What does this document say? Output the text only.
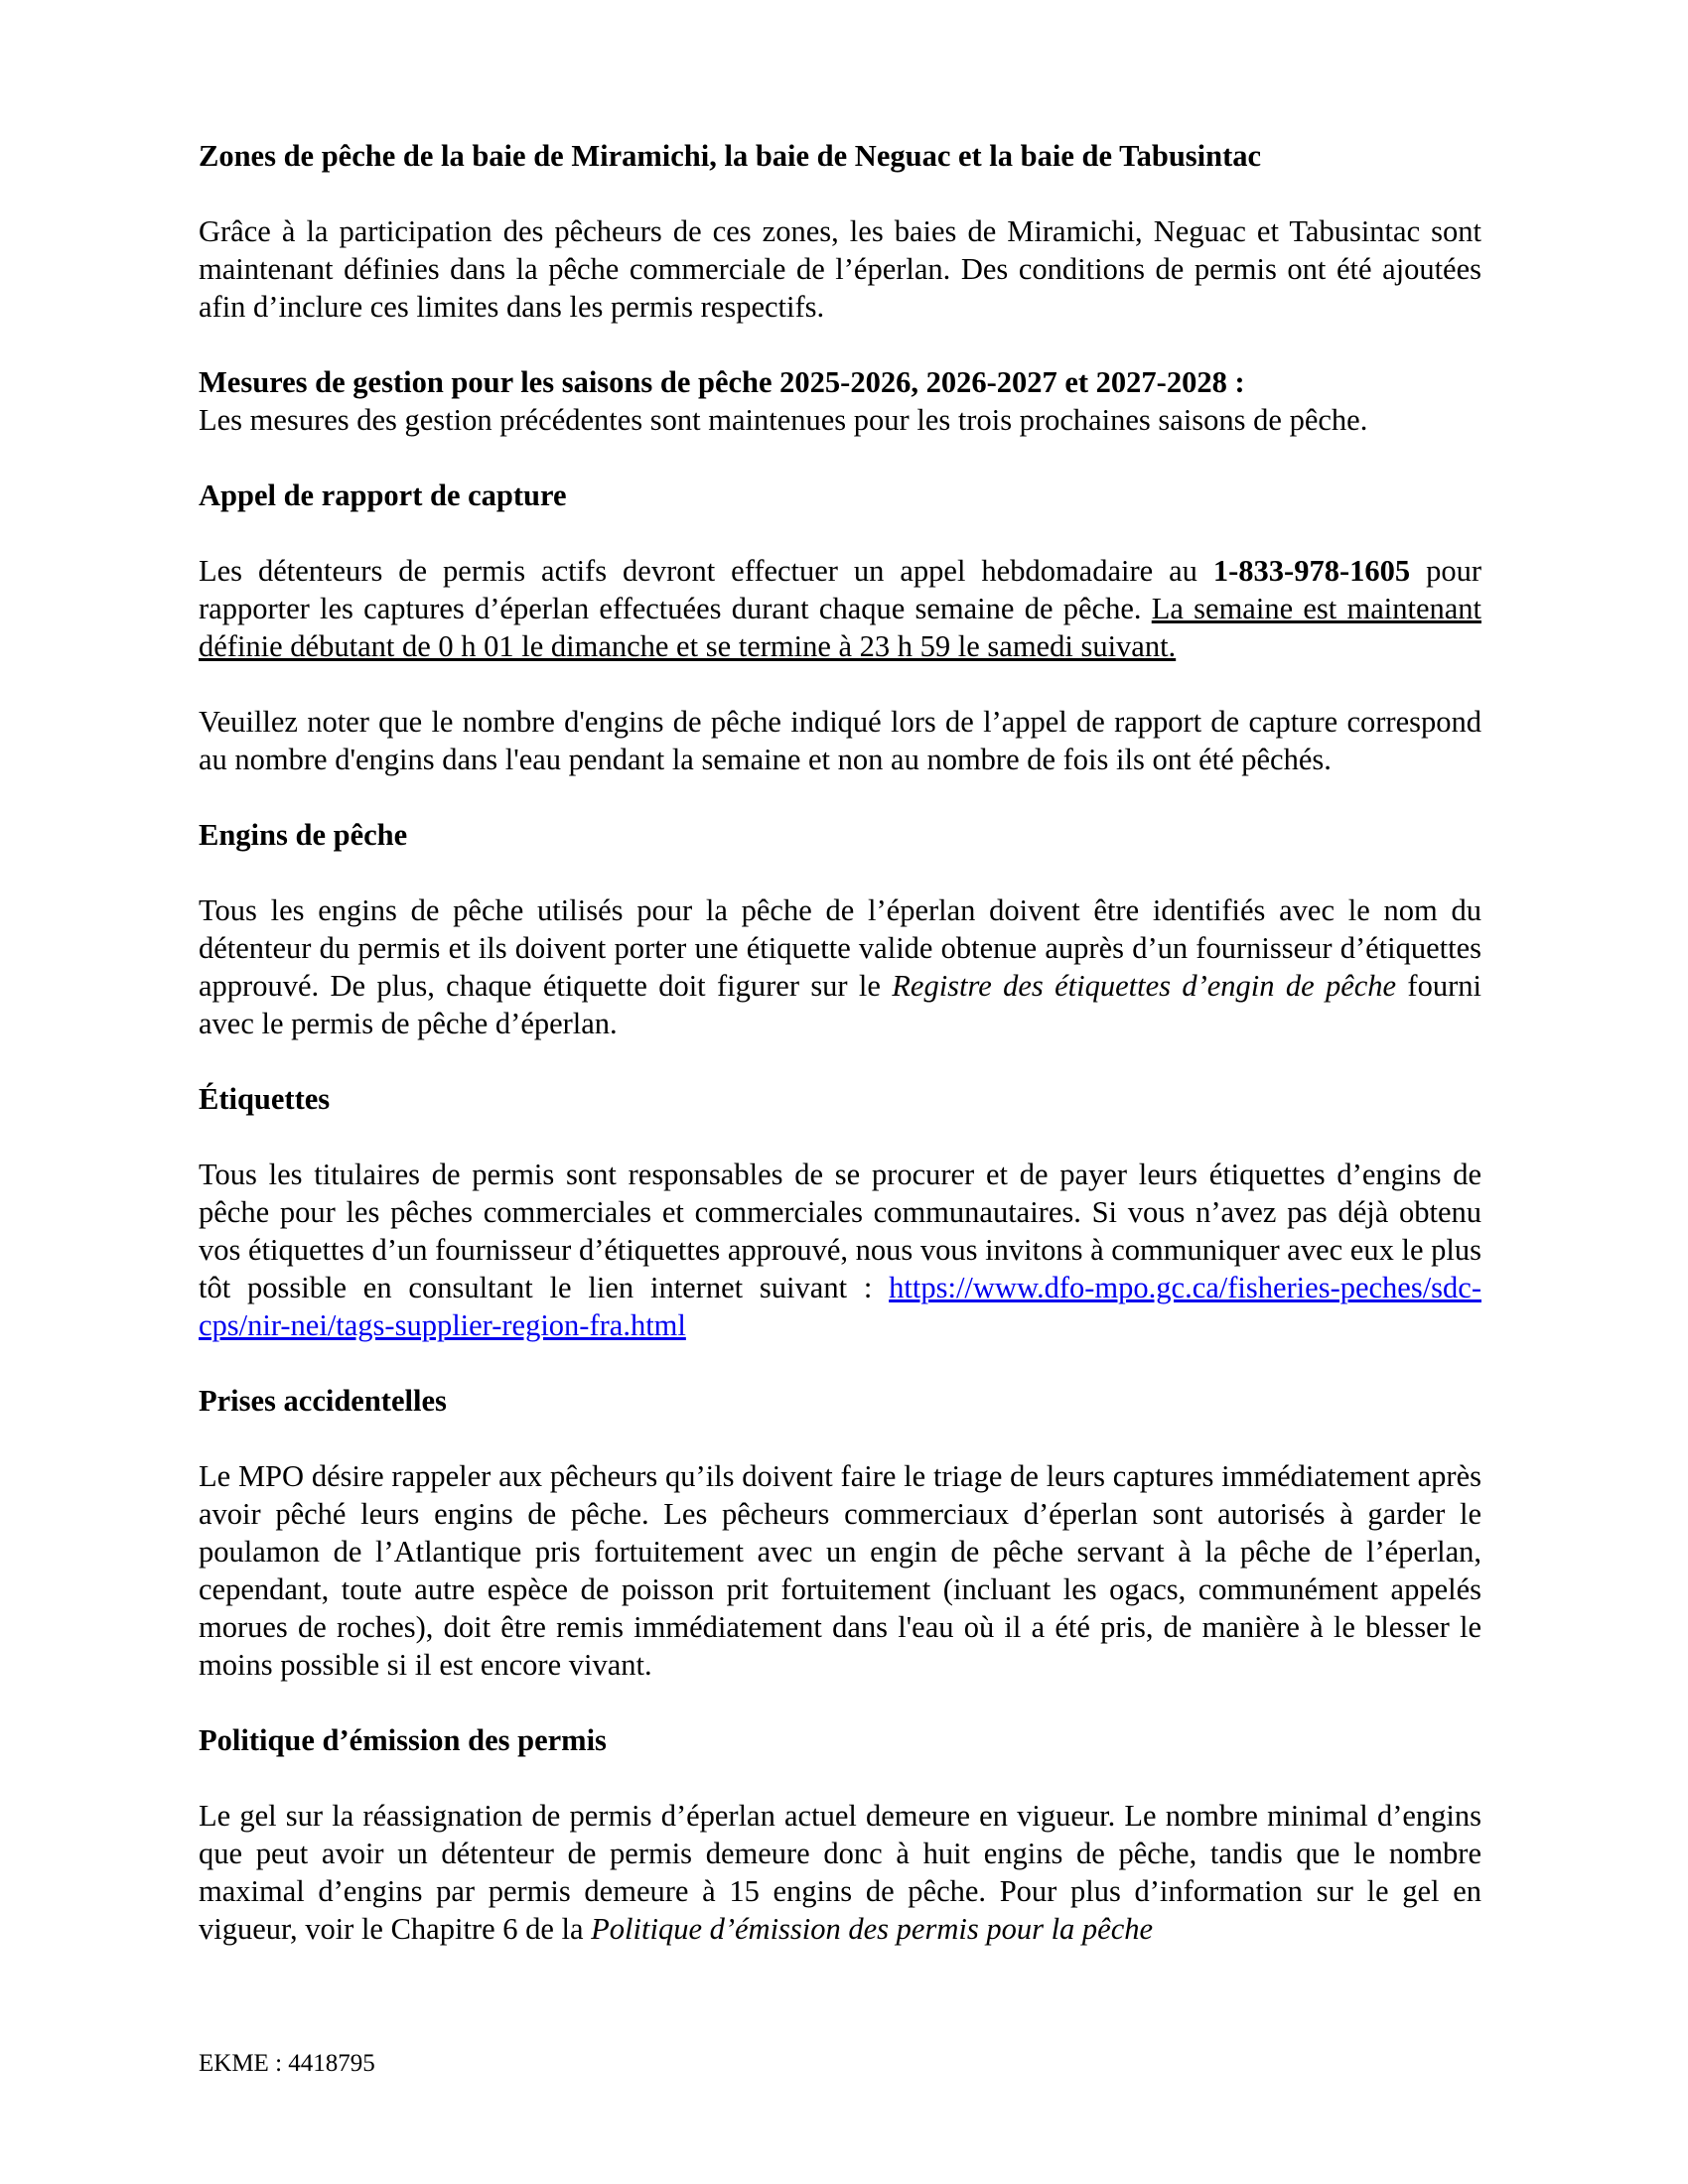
Zones de pêche de la baie de Miramichi, la baie de Neguac et la baie de Tabusintac

Grâce à la participation des pêcheurs de ces zones, les baies de Miramichi, Neguac et Tabusintac sont maintenant définies dans la pêche commerciale de l’éperlan. Des conditions de permis ont été ajoutées afin d’inclure ces limites dans les permis respectifs.

Mesures de gestion pour les saisons de pêche 2025-2026, 2026-2027 et 2027-2028 :

Les mesures des gestion précédentes sont maintenues pour les trois prochaines saisons de pêche.

Appel de rapport de capture

Les détenteurs de permis actifs devront effectuer un appel hebdomadaire au 1-833-978-1605 pour rapporter les captures d’éperlan effectuées durant chaque semaine de pêche. La semaine est maintenant définie débutant de 0 h 01 le dimanche et se termine à 23 h 59 le samedi suivant.

Veuillez noter que le nombre d'engins de pêche indiqué lors de l’appel de rapport de capture correspond au nombre d'engins dans l'eau pendant la semaine et non au nombre de fois ils ont été pêchés.

Engins de pêche

Tous les engins de pêche utilisés pour la pêche de l’éperlan doivent être identifiés avec le nom du détenteur du permis et ils doivent porter une étiquette valide obtenue auprès d’un fournisseur d’étiquettes approuvé. De plus, chaque étiquette doit figurer sur le Registre des étiquettes d’engin de pêche fourni avec le permis de pêche d’éperlan.

Étiquettes

Tous les titulaires de permis sont responsables de se procurer et de payer leurs étiquettes d’engins de pêche pour les pêches commerciales et commerciales communautaires. Si vous n’avez pas déjà obtenu vos étiquettes d’un fournisseur d’étiquettes approuvé, nous vous invitons à communiquer avec eux le plus tôt possible en consultant le lien internet suivant : https://www.dfo-mpo.gc.ca/fisheries-peches/sdc-cps/nir-nei/tags-supplier-region-fra.html

Prises accidentelles

Le MPO désire rappeler aux pêcheurs qu’ils doivent faire le triage de leurs captures immédiatement après avoir pêché leurs engins de pêche. Les pêcheurs commerciaux d’éperlan sont autorisés à garder le poulamon de l’Atlantique pris fortuitement avec un engin de pêche servant à la pêche de l’éperlan, cependant, toute autre espèce de poisson prit fortuitement (incluant les ogacs, communément appelés morues de roches), doit être remis immédiatement dans l'eau où il a été pris, de manière à le blesser le moins possible si il est encore vivant.

Politique d’émission des permis

Le gel sur la réassignation de permis d’éperlan actuel demeure en vigueur. Le nombre minimal d’engins que peut avoir un détenteur de permis demeure donc à huit engins de pêche, tandis que le nombre maximal d’engins par permis demeure à 15 engins de pêche. Pour plus d’information sur le gel en vigueur, voir le Chapitre 6 de la Politique d’émission des permis pour la pêche

EKME : 4418795
